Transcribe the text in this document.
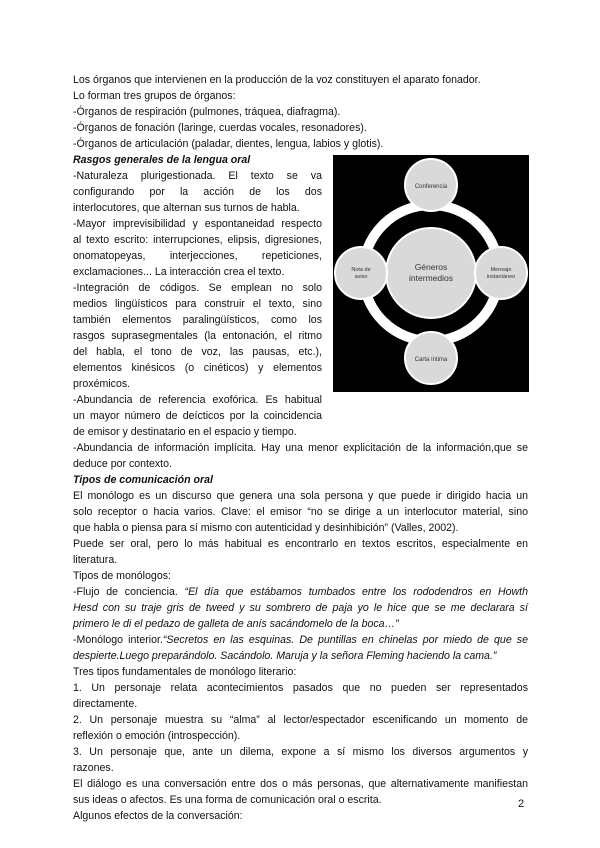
Los órganos que intervienen en la producción de la voz constituyen el aparato fonador.
Lo forman tres grupos de órganos:
-Órganos de respiración (pulmones, tráquea, diafragma).
-Órganos de fonación (laringe, cuerdas vocales, resonadores).
-Órganos de articulación (paladar, dientes, lengua, labios y glotis).
Rasgos generales de la lengua oral
-Naturaleza plurigestionada. El texto se va
configurando por la acción de los dos
interlocutores, que alternan sus turnos de habla.
-Mayor imprevisibilidad y espontaneidad respecto
al texto escrito: interrupciones, elipsis, digresiones,
onomatopeyas, interjecciones, repeticiones,
exclamaciones... La interacción crea el texto.
-Integración de códigos. Se emplean no solo
medios lingüísticos para construir el texto, sino
también elementos paralingüísticos, como los
rasgos suprasegmentales (la entonación, el ritmo
del habla, el tono de voz, las pausas, etc.),
elementos kinésicos (o cinéticos) y elementos
proxémicos.
-Abundancia de referencia exofórica. Es habitual
un mayor número de deícticos por la coincidencia
de emisor y destinatario en el espacio y tiempo.
Géneros
intermedios
Conferencia
Mensaje
instantáneo
Carta íntima
Nota de
aviso
-Abundancia de información implícita. Hay una menor explicitación de la información,que se
deduce por contexto.
Tipos de comunicación oral
El monólogo es un discurso que genera una sola persona y que puede ir dirigido hacia un
solo receptor o hacia varios. Clave: el emisor “no se dirige a un interlocutor material, sino
que habla o piensa para sí mismo con autenticidad y desinhibición” (Valles, 2002).
Puede ser oral, pero lo más habitual es encontrarlo en textos escritos, especialmente en
literatura.
Tipos de monólogos:
-Flujo de conciencia. “El día que estábamos tumbados entre los rododendros en Howth
Hesd con su traje gris de tweed y su sombrero de paja yo le hice que se me declarara sí
primero le di el pedazo de galleta de anís sacándomelo de la boca…”
-Monólogo interior.“Secretos en las esquinas. De puntillas en chinelas por miedo de que se
despierte.Luego preparándolo. Sacándolo. Maruja y la señora Fleming haciendo la cama.”
Tres tipos fundamentales de monólogo literario:
1. Un personaje relata acontecimientos pasados que no pueden ser representados
directamente.
2. Un personaje muestra su “alma” al lector/espectador escenificando un momento de
reflexión o emoción (introspección).
3. Un personaje que, ante un dilema, expone a sí mismo los diversos argumentos y
razones.
El diálogo es una conversación entre dos o más personas, que alternativamente manifiestan
sus ideas o afectos. Es una forma de comunicación oral o escrita.
Algunos efectos de la conversación:
2
